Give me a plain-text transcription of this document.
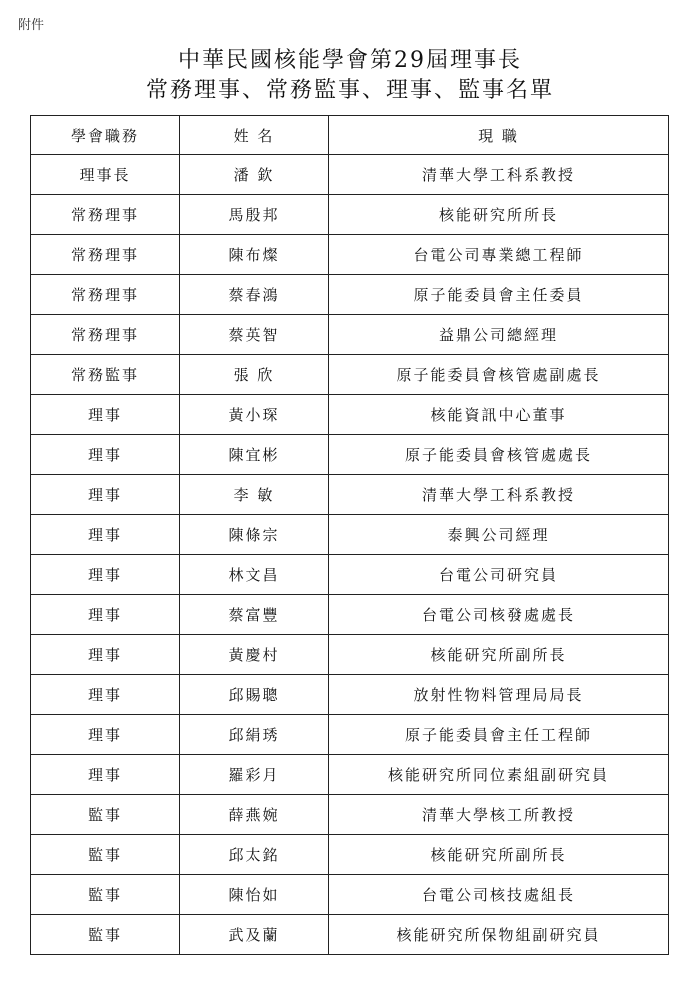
附件
中華民國核能學會第29屆理事長
常務理事、常務監事、理事、監事名單
學會職務	姓 名	現 職
理事長	潘 欽	清華大學工科系教授
常務理事	馬殷邦	核能研究所所長
常務理事	陳布燦	台電公司專業總工程師
常務理事	蔡春鴻	原子能委員會主任委員
常務理事	蔡英智	益鼎公司總經理
常務監事	張 欣	原子能委員會核管處副處長
理事	黃小琛	核能資訊中心董事
理事	陳宜彬	原子能委員會核管處處長
理事	李 敏	清華大學工科系教授
理事	陳條宗	泰興公司經理
理事	林文昌	台電公司研究員
理事	蔡富豐	台電公司核發處處長
理事	黃慶村	核能研究所副所長
理事	邱賜聰	放射性物料管理局局長
理事	邱絹琇	原子能委員會主任工程師
理事	羅彩月	核能研究所同位素組副研究員
監事	薛燕婉	清華大學核工所教授
監事	邱太銘	核能研究所副所長
監事	陳怡如	台電公司核技處組長
監事	武及蘭	核能研究所保物組副研究員
